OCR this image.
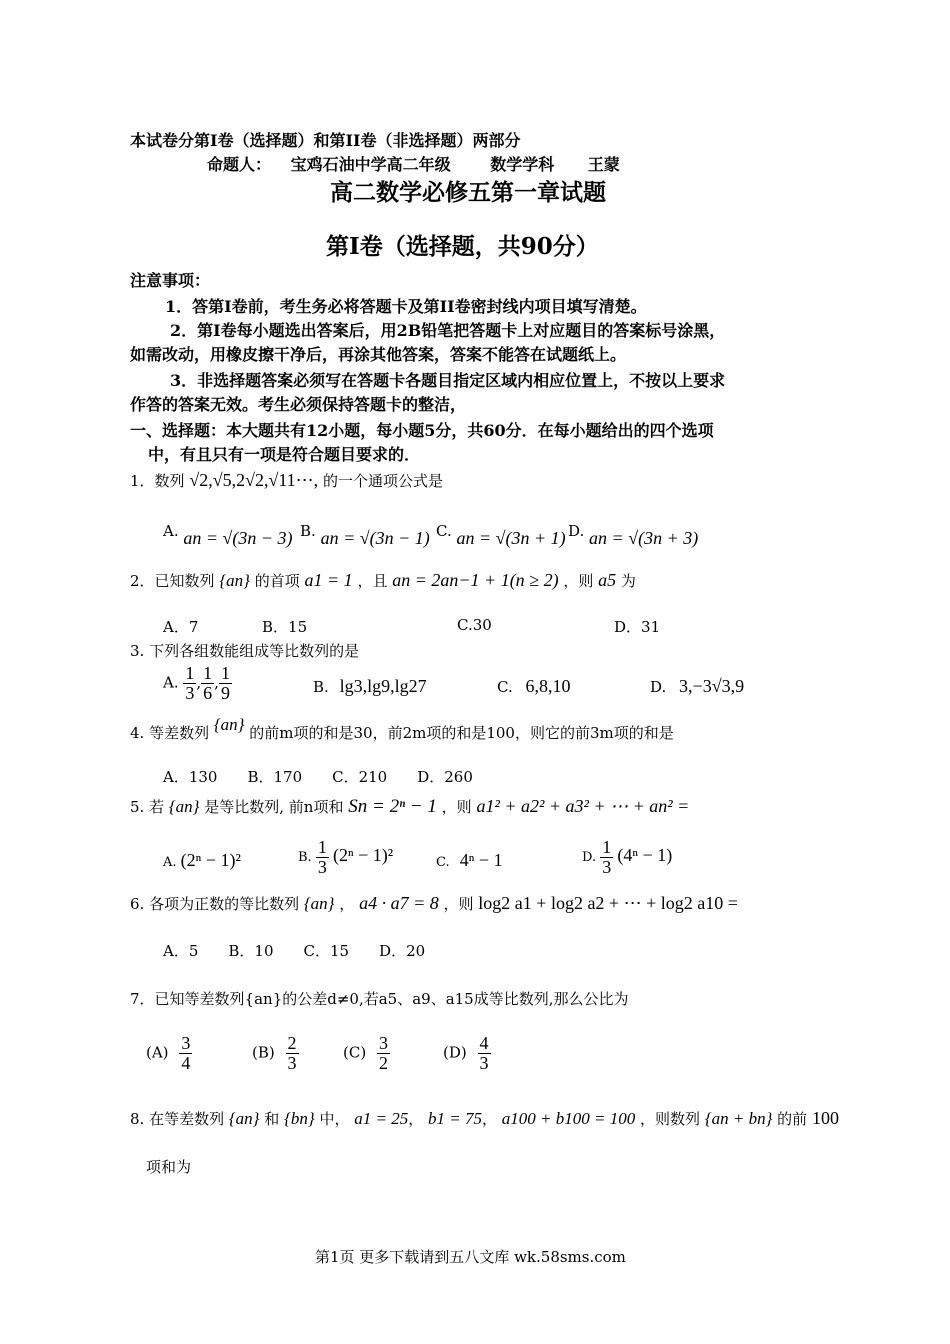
本试卷分第Ⅰ卷（选择题）和第ⅠI卷（非选择题）两部分
命题人： 宝鸡石油中学高二年级 数学学科 王蒙
高二数学必修五第一章试题
第Ⅰ卷（选择题，共90分）
注意事项：
1．答第Ⅰ卷前，考生务必将答题卡及第II卷密封线内项目填写清楚。
2．第Ⅰ卷每小题选出答案后，用2B铅笔把答题卡上对应题目的答案标号涂黑，
如需改动，用橡皮擦干净后，再涂其他答案，答案不能答在试题纸上。
3．非选择题答案必须写在答题卡各题目指定区域内相应位置上，不按以上要求
作答的答案无效。考生必须保持答题卡的整洁，
一、选择题：本大题共有12小题，每小题5分，共60分．在每小题给出的四个选项
中，有且只有一项是符合题目要求的．
1．数列 √2,√5,2√2,√11⋯, 的一个通项公式是
A. an = √(3n − 3) B. an = √(3n − 1) C. an = √(3n + 1) D. an = √(3n + 3)
2．已知数列 {an} 的首项 a1 = 1 ，且 an = 2an−1 + 1(n ≥ 2) ，则 a5 为
A．7	B．15	C.30	D．31
3. 下列各组数能组成等比数列的是
A. $\frac{1}{3}$ , $\frac{1}{6}$ , $\frac{1}{9}$	B. lg3,lg9,lg27	C. 6,8,10	D. 3,−3√3,9
4. 等差数列 {an} 的前m项的和是30，前2m项的和是100，则它的前3m项的和是
A．130　　B．170　　C．210　　D．260
5. 若 {an} 是等比数列, 前n项和 Sn = 2ⁿ − 1 ，则 a1² + a2² + a3² + ⋯ + an² =
A. (2ⁿ − 1)²	B. $\frac{1}{3} (2^n - 1)^2$	C. 4ⁿ − 1	D. $\frac{1}{3} (4^n - 1)$
6. 各项为正数的等比数列 {an} ， a4 · a7 = 8 ，则 log2 a1 + log2 a2 + ⋯ + log2 a10 =
A．5　　B．10　　C．15　　D．20
7．已知等差数列{an}的公差d≠0,若a5、a9、a15成等比数列,那么公比为
$(A) \frac{3}{4}$	$(B) \frac{2}{3}$	$(C) \frac{3}{2}$	$(D) \frac{4}{3}$
8. 在等差数列 {an} 和 {bn} 中， a1 = 25， b1 = 75， a100 + b100 = 100 ，则数列 {an + bn} 的前 100
项和为
第1页 更多下载请到五八文库 wk.58sms.com
